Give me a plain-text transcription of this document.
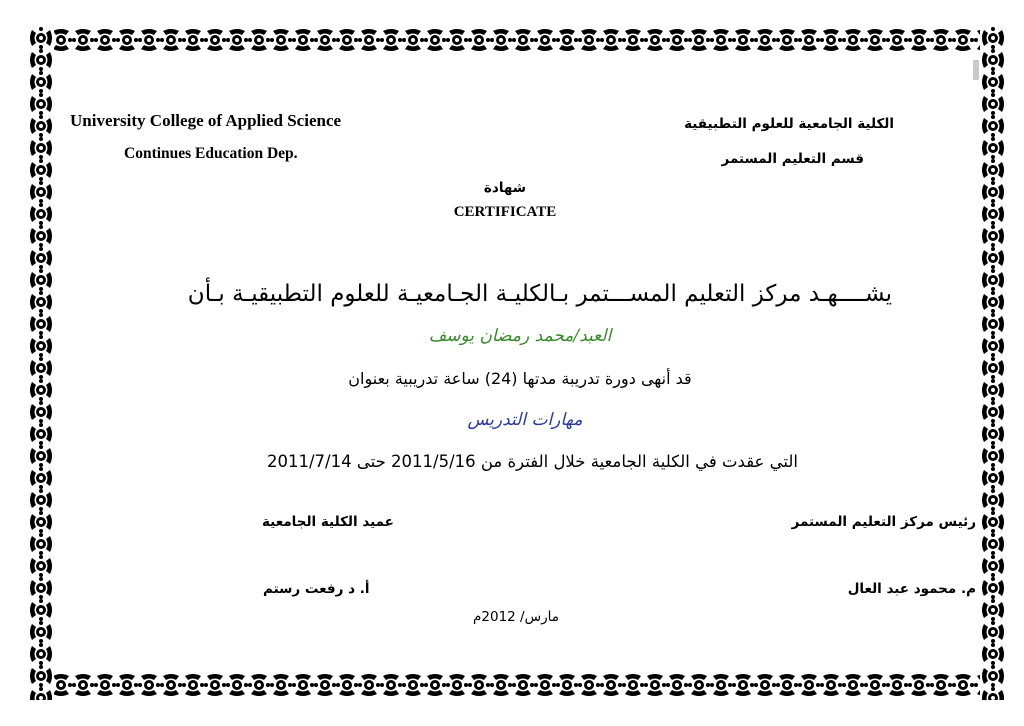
University College of Applied Science
Continues Education Dep.
الكلية الجامعية للعلوم التطبيقية
قسم التعليم المستمر
شهادة
CERTIFICATE
يشــــهـد مركز التعليم المســـتمر بـالكليـة الجـامعيـة للعلوم التطبيقيـة بـأن
العبد/محمد رمضان يوسف
قد أنهى دورة تدريبة مدتها (24) ساعة تدريبية بعنوان
مهارات التدريس
التي عقدت في الكلية الجامعية خلال الفترة من 2011/5/16 حتى 2011/7/14
رئيس مركز التعليم المستمر
م. محمود عبد العال
عميد الكلية الجامعية
أ. د رفعت رستم
مارس/ 2012م
